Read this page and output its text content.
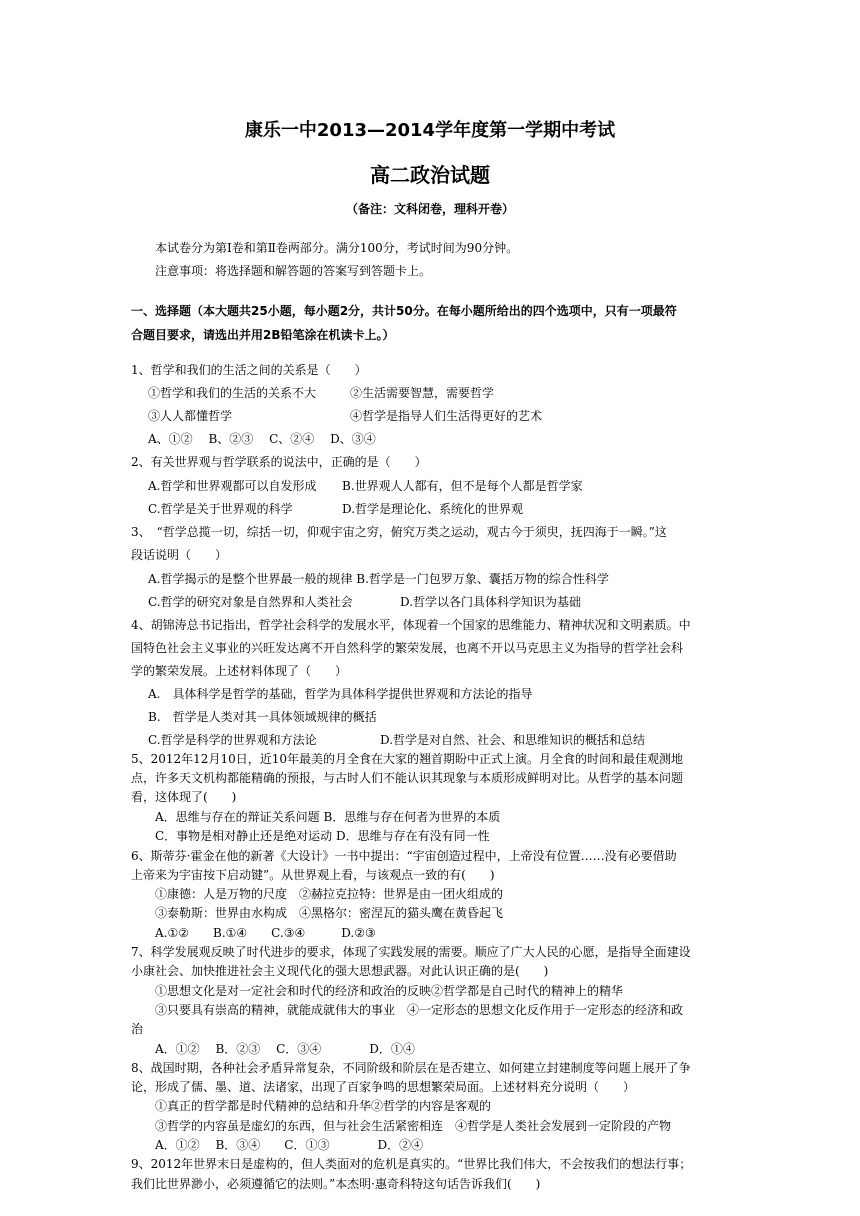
康乐一中2013—2014学年度第一学期中考试
高二政治试题
（备注：文科闭卷，理科开卷）
本试卷分为第Ⅰ卷和第Ⅱ卷两部分。满分100分，考试时间为90分钟。
注意事项：将选择题和解答题的答案写到答题卡上。
一、选择题（本大题共25小题，每小题2分，共计50分。在每小题所给出的四个选项中，只有一项最符
合题目要求，请选出并用2B铅笔涂在机读卡上。）
1、哲学和我们的生活之间的关系是（　　）
①哲学和我们的生活的关系不大	②生活需要智慧，需要哲学
③人人都懂哲学	④哲学是指导人们生活得更好的艺术
A、①②　 B、②③　 C、②④　 D、③④
2、有关世界观与哲学联系的说法中，正确的是（　　）
A.哲学和世界观都可以自发形成 B.世界观人人都有，但不是每个人都是哲学家
C.哲学是关于世界观的科学	D.哲学是理论化、系统化的世界观
3、　“哲学总揽一切，综括一切，仰观宇宙之穷，俯究万类之运动，观古今于须臾，抚四海于一瞬。”这
段话说明（　　）
A.哲学揭示的是整个世界最一般的规律 B.哲学是一门包罗万象、囊括万物的综合性科学
C.哲学的研究对象是自然界和人类社会	D.哲学以各门具体科学知识为基础
4、胡锦涛总书记指出，哲学社会科学的发展水平，体现着一个国家的思维能力、精神状况和文明素质。中
国特色社会主义事业的兴旺发达离不开自然科学的繁荣发展，也离不开以马克思主义为指导的哲学社会科
学的繁荣发展。上述材料体现了（　　）
A.　具体科学是哲学的基础，哲学为具体科学提供世界观和方法论的指导
B.　哲学是人类对其一具体领域规律的概括
C.哲学是科学的世界观和方法论	D.哲学是对自然、社会、和思维知识的概括和总结
5、2012年12月10日，近10年最美的月全食在大家的翘首期盼中正式上演。月全食的时间和最佳观测地
点，许多天文机构都能精确的预报，与古时人们不能认识其现象与本质形成鲜明对比。从哲学的基本问题
看，这体现了(　　)
A．思维与存在的辩证关系问题 B．思维与存在何者为世界的本质
C．事物是相对静止还是绝对运动 D．思维与存在有没有同一性
6、斯蒂芬·霍金在他的新著《大设计》一书中提出：“宇宙创造过程中，上帝没有位置……没有必要借助
上帝来为宇宙按下启动键”。从世界观上看，与该观点一致的有(　　)
①康德：人是万物的尺度　②赫拉克拉特：世界是由一团火组成的
③泰勒斯：世界由水构成　④黑格尔：密涅瓦的猫头鹰在黄昏起飞
A.①②　　B.①④　　C.③④　　　D.②③
7、科学发展观反映了时代进步的要求，体现了实践发展的需要。顺应了广大人民的心愿，是指导全面建设
小康社会、加快推进社会主义现代化的强大思想武器。对此认识正确的是(　　)
①思想文化是对一定社会和时代的经济和政治的反映②哲学都是自己时代的精神上的精华
③只要具有崇高的精神，就能成就伟大的事业　④一定形态的思想文化反作用于一定形态的经济和政
治
A．①②　 B．②③　 C．③④　　　　D．①④
8、战国时期，各种社会矛盾异常复杂，不同阶级和阶层在是否建立、如何建立封建制度等问题上展开了争
论，形成了儒、墨、道、法诸家，出现了百家争鸣的思想繁荣局面。上述材料充分说明（　　）
①真正的哲学都是时代精神的总结和升华②哲学的内容是客观的
③哲学的内容虽是虚幻的东西，但与社会生活紧密相连　④哲学是人类社会发展到一定阶段的产物
A．①②　 B．③④　　C．①③　　　　D．②④
9、2012年世界末日是虚构的，但人类面对的危机是真实的。“世界比我们伟大，不会按我们的想法行事；
我们比世界渺小，必须遵循它的法则。”本杰明·惠奇科特这句话告诉我们(　　)
